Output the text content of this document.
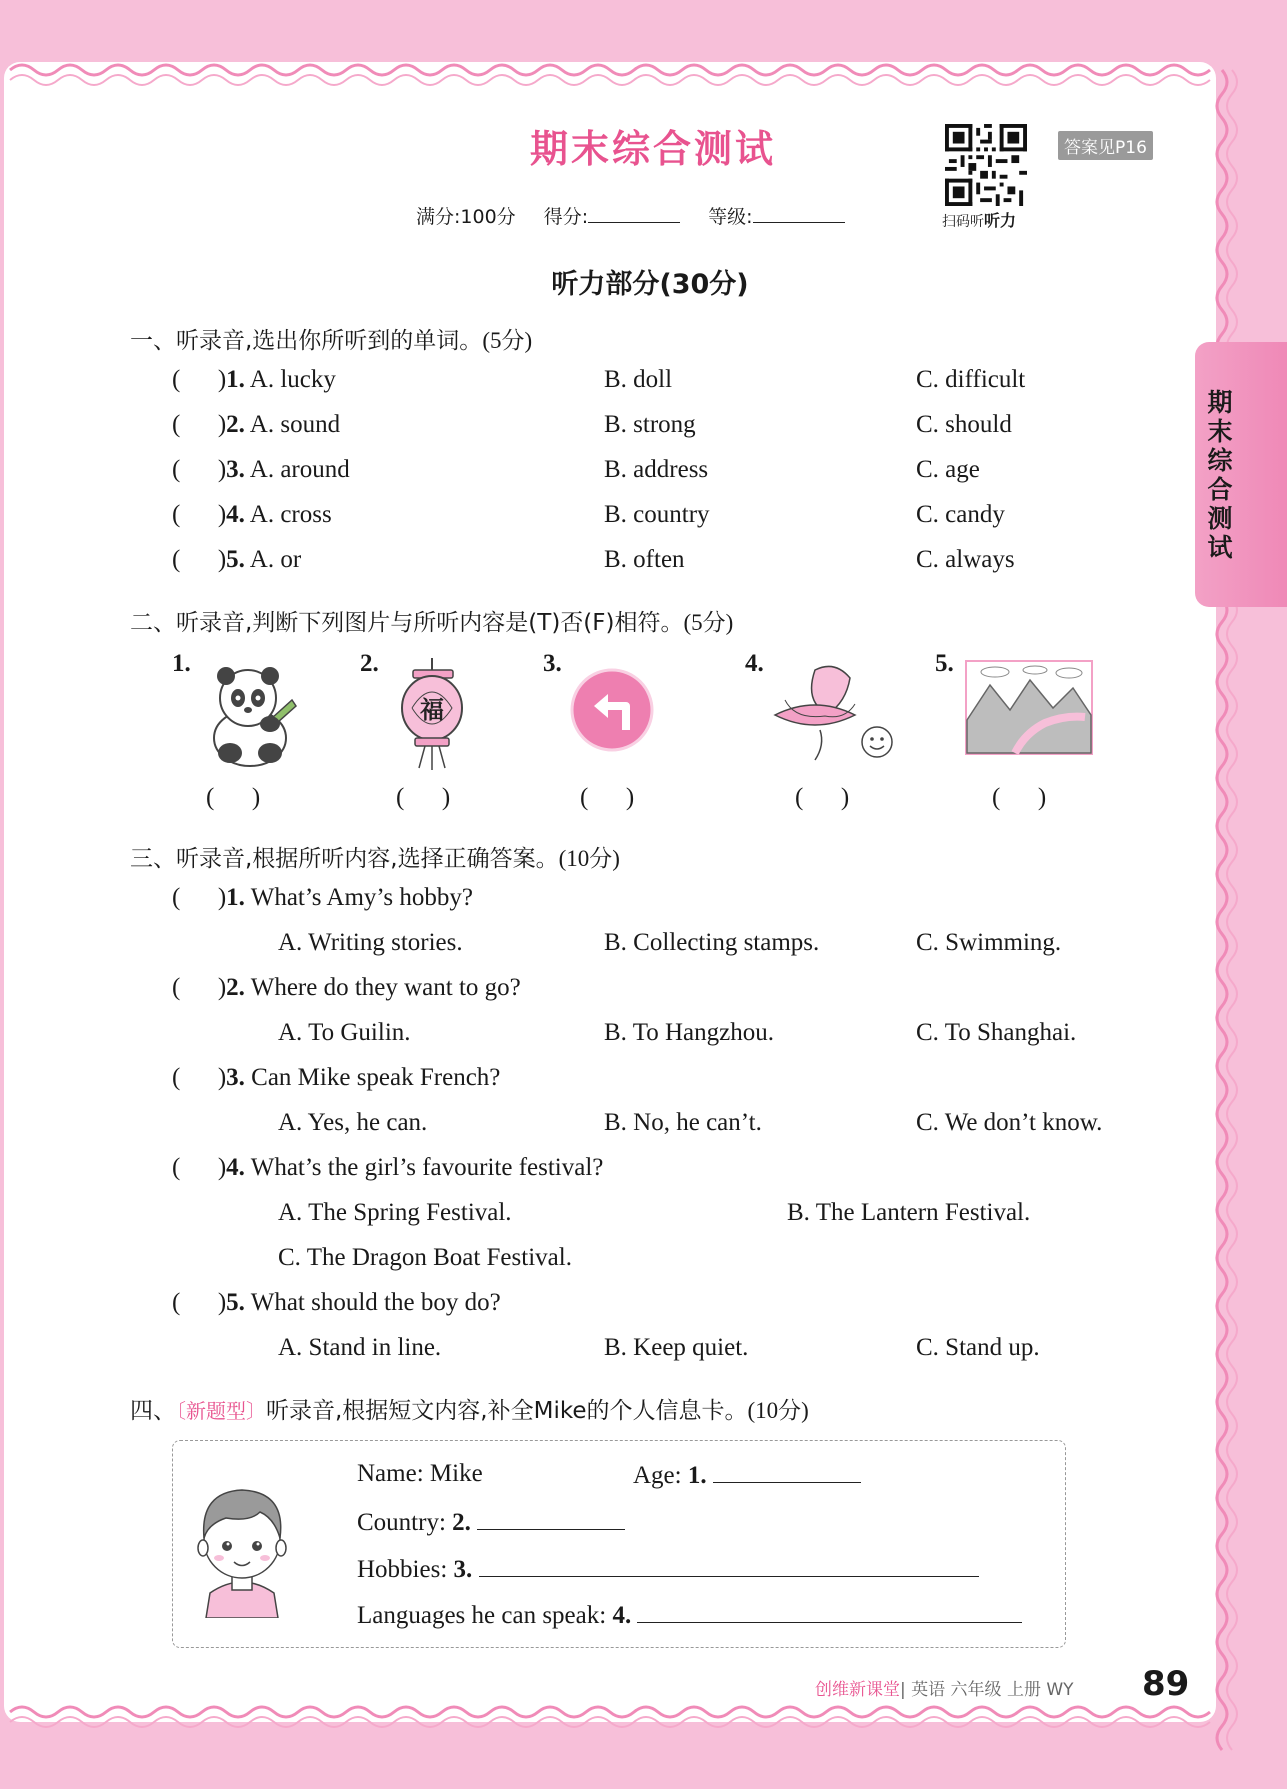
期末综合测试
期末综合测试
扫码听听力
答案见P16
满分:100分 得分:	等级:
听力部分(30分)
一、听录音,选出你所听到的单词。(5分)
(      )1. A. lucky	B. doll	C. difficult
(      )2. A. sound	B. strong	C. should
(      )3. A. around	B. address	C. age
(      )4. A. cross	B. country	C. candy
(      )5. A. or	B. often	C. always
二、听录音,判断下列图片与所听内容是(T)否(F)相符。(5分)
1.	2.
福
3.	4.	5.
(      )	(      )	(      )	(      )	(      )
三、听录音,根据所听内容,选择正确答案。(10分)
(      )1. What’s Amy’s hobby?
A. Writing stories.	B. Collecting stamps.	C. Swimming.
(      )2. Where do they want to go?
A. To Guilin.	B. To Hangzhou.	C. To Shanghai.
(      )3. Can Mike speak French?
A. Yes, he can.	B. No, he can’t.	C. We don’t know.
(      )4. What’s the girl’s favourite festival?
A. The Spring Festival.	B. The Lantern Festival.
C. The Dragon Boat Festival.
(      )5. What should the boy do?
A. Stand in line.	B. Keep quiet.	C. Stand up.
四、〔新题型〕听录音,根据短文内容,补全Mike的个人信息卡。(10分)
Name: Mike	Age: 1.
Country: 2.
Hobbies: 3.
Languages he can speak: 4.
创维新课堂| 英语 六年级 上册 WY 89
